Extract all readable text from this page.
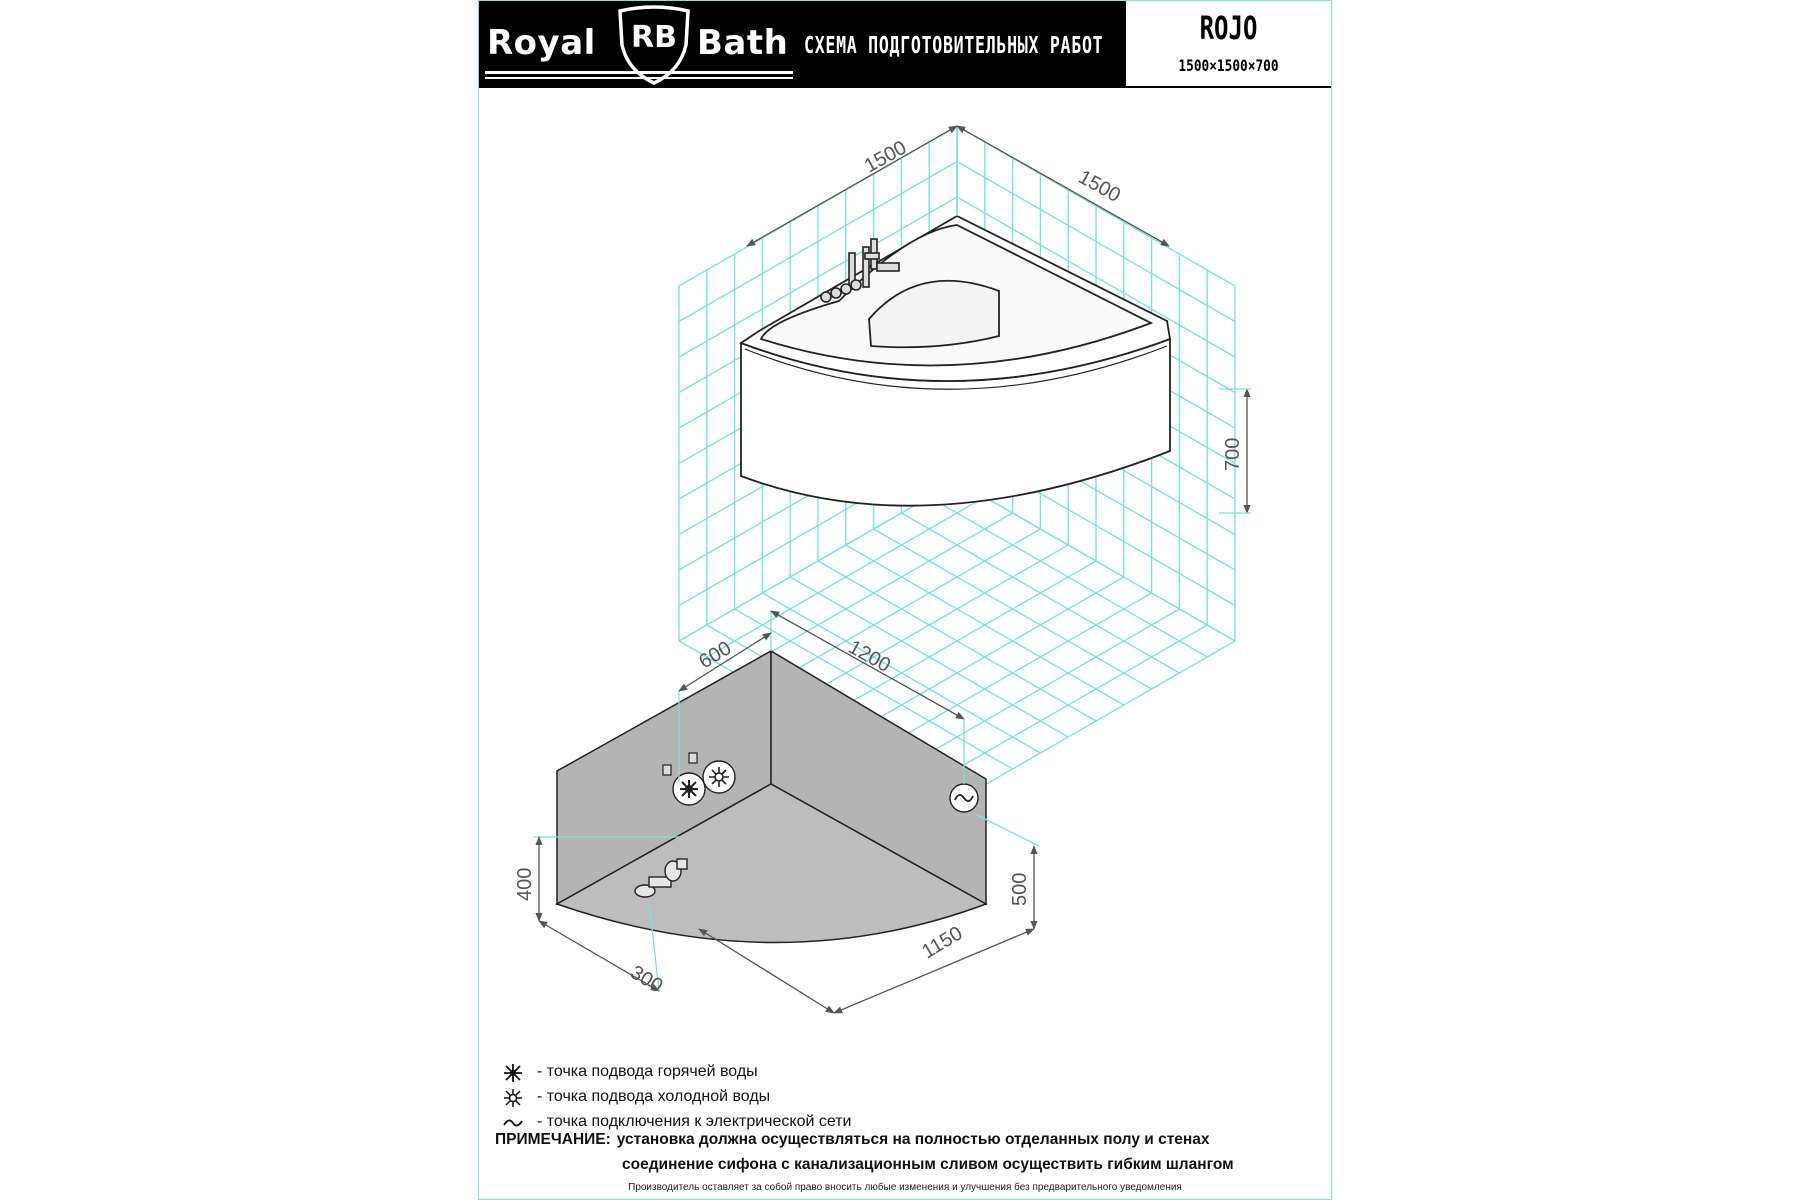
Royal RB Bath СХЕМА ПОДГОТОВИТЕЛЬНЫХ РАБОТ	ROJO
1500×1500×700
1500
1500
700
600	1200
400	500
300
1150
- точка подвода горячей воды
- точка подвода холодной воды
- точка подключения к электрической сети
ПРИМЕЧАНИЕ: установка должна осуществляться на полностью отделанных полу и стенах
соединение сифона с канализационным сливом осуществить гибким шлангом
Производитель оставляет за собой право вносить любые изменения и улучшения без предварительного уведомления
